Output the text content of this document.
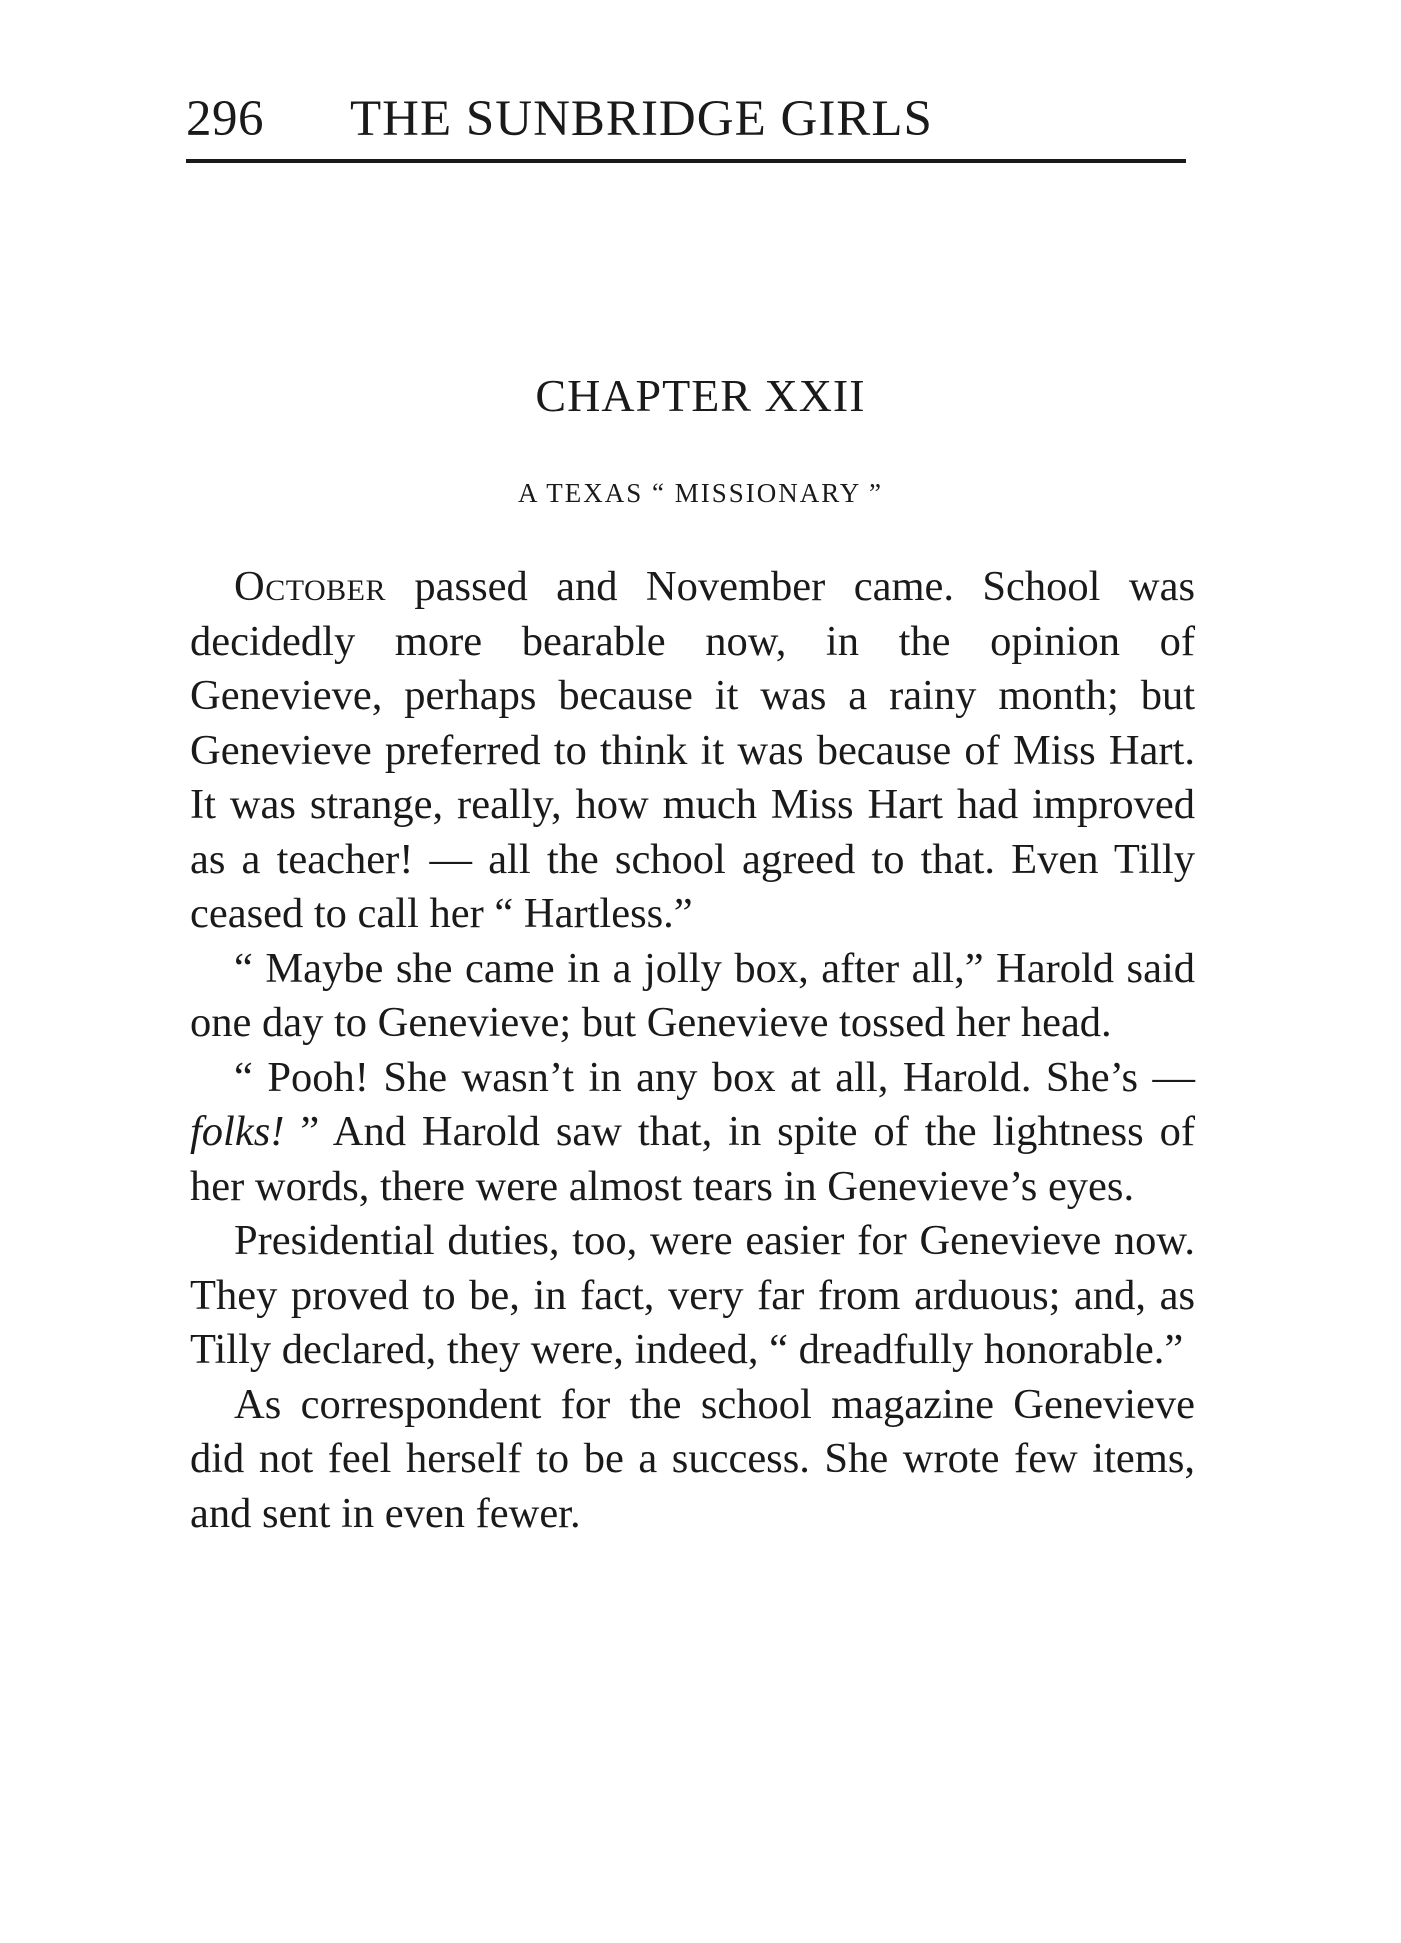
296 THE SUNBRIDGE GIRLS
CHAPTER XXII
A TEXAS “ MISSIONARY ”

October passed and November came. School was decidedly more bearable now, in the opinion of Genevieve, perhaps because it was a rainy month; but Genevieve preferred to think it was because of Miss Hart. It was strange, really, how much Miss Hart had improved as a teacher! — all the school agreed to that. Even Tilly ceased to call her “ Hartless.”

“ Maybe she came in a jolly box, after all,” Harold said one day to Genevieve; but Genevieve tossed her head.

“ Pooh! She wasn’t in any box at all, Harold. She’s — folks! ” And Harold saw that, in spite of the lightness of her words, there were almost tears in Genevieve’s eyes.

Presidential duties, too, were easier for Genevieve now. They proved to be, in fact, very far from arduous; and, as Tilly declared, they were, indeed, “ dreadfully honorable.”

As correspondent for the school magazine Genevieve did not feel herself to be a success. She wrote few items, and sent in even fewer.
